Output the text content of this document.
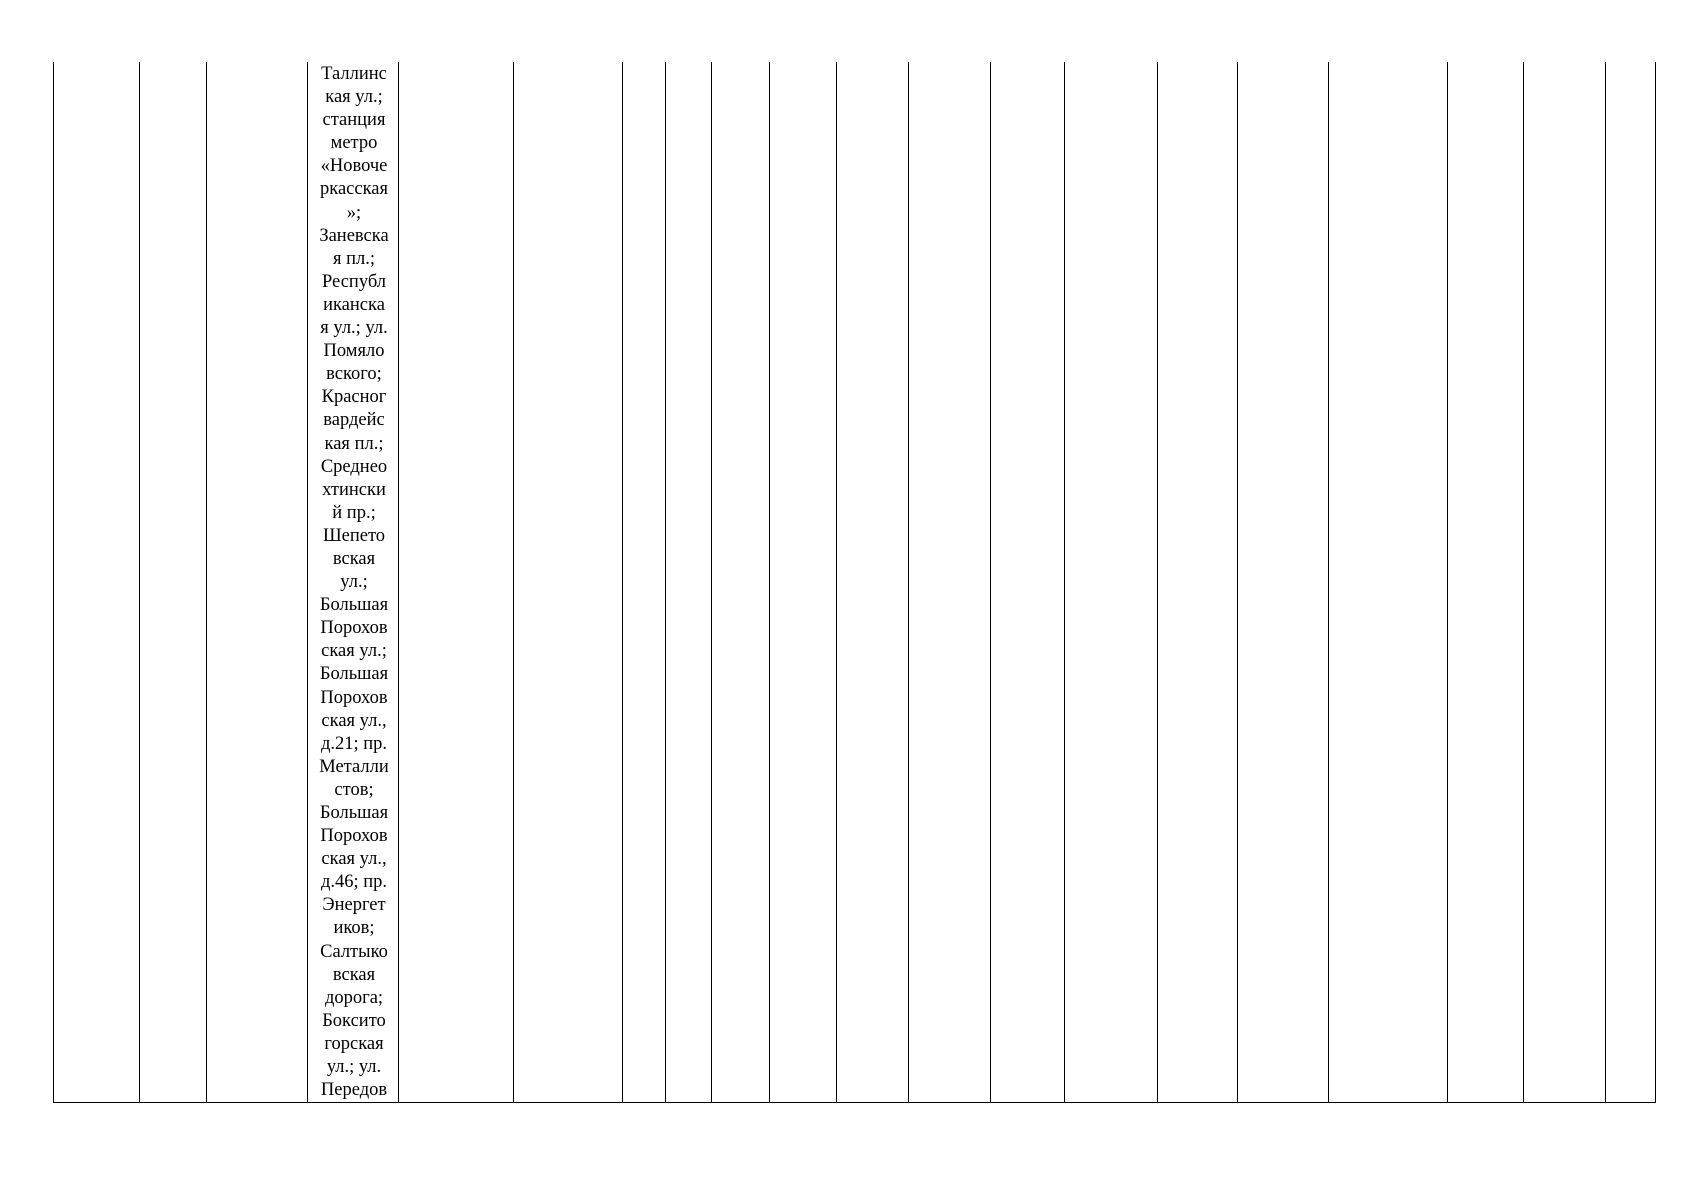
Таллинс
кая ул.;
станция
метро
«Новоче
ркасская
»;
Заневска
я пл.;
Республ
иканска
я ул.; ул.
Помяло
вского;
Красног
вардейс
кая пл.;
Среднео
хтински
й пр.;
Шепето
вская
ул.;
Большая
Порохов
ская ул.;
Большая
Порохов
ская ул.,
д.21; пр.
Металли
стов;
Большая
Порохов
ская ул.,
д.46; пр.
Энергет
иков;
Салтыко
вская
дорога;
Боксито
горская
ул.; ул.
Передов
